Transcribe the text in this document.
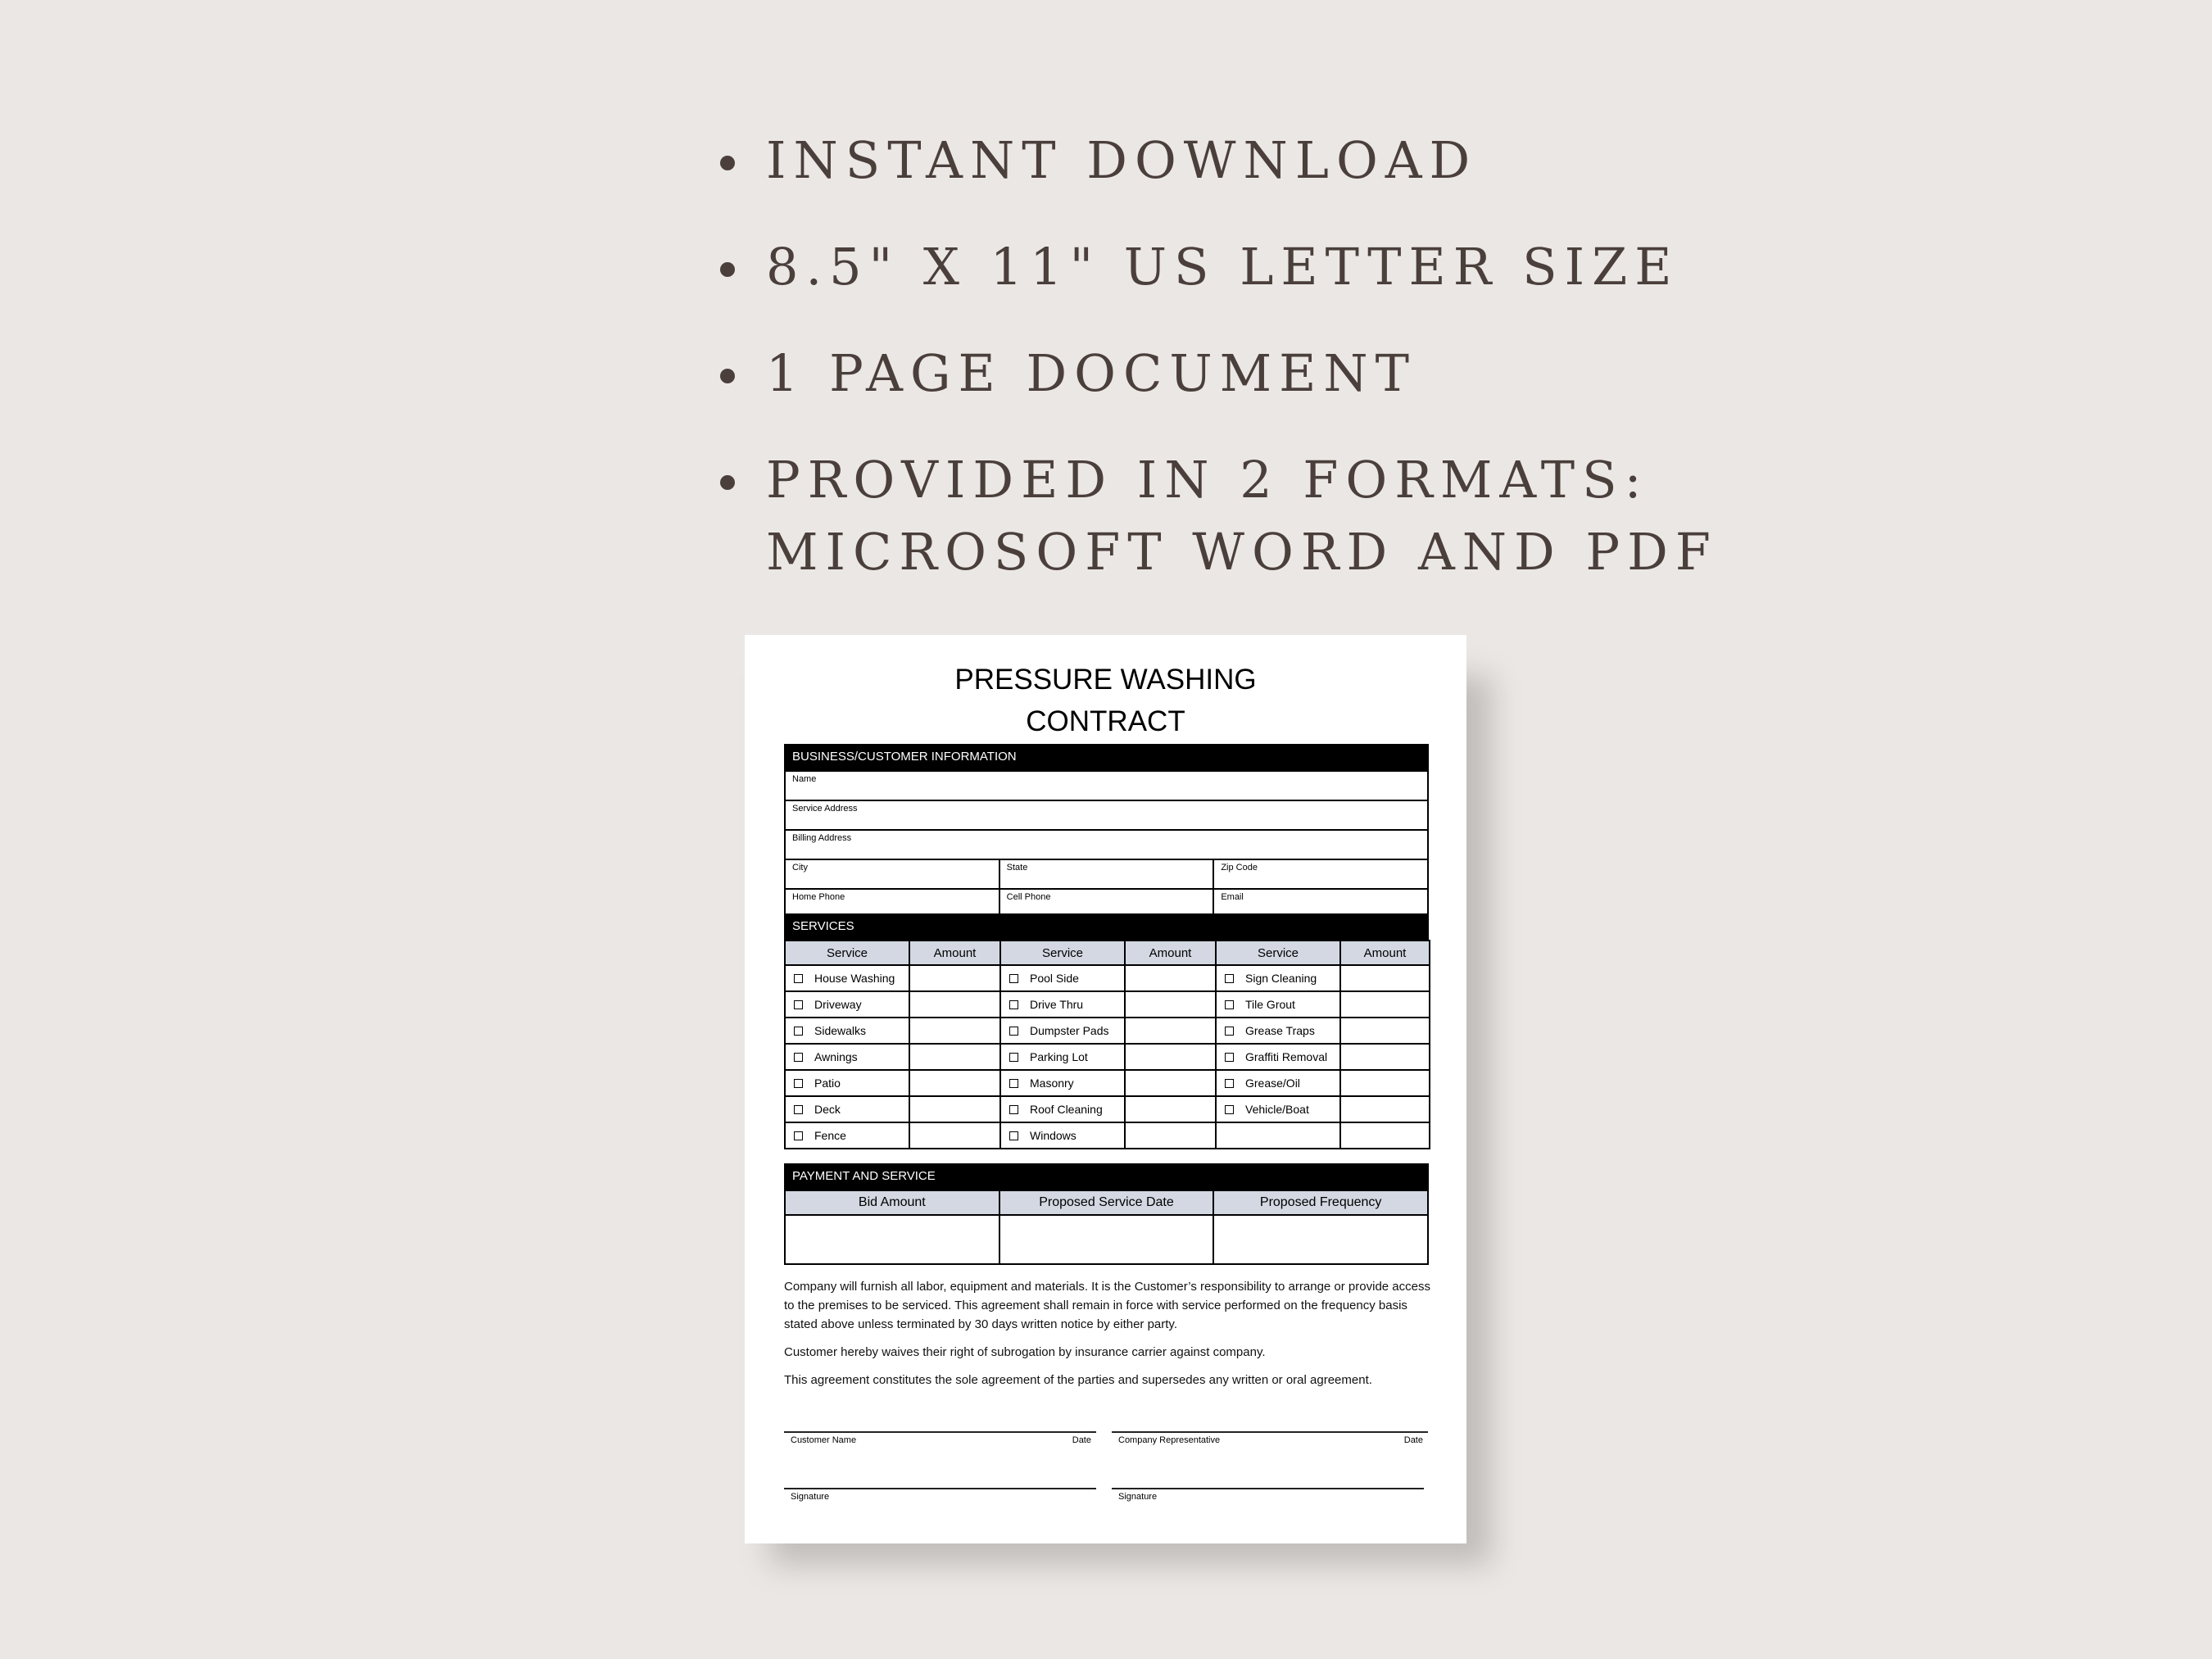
INSTANT DOWNLOAD
8.5" X 11" US LETTER SIZE
1 PAGE DOCUMENT
PROVIDED IN 2 FORMATS:
MICROSOFT WORD AND PDF
PRESSURE WASHING
CONTRACT
BUSINESS/CUSTOMER INFORMATION
Name		
Service Address		
Billing Address		
City	State	Zip Code
Home Phone	Cell Phone	Email
SERVICES
Service	Amount	Service	Amount	Service	Amount
House Washing		Pool Side		Sign Cleaning	
Driveway		Drive Thru		Tile Grout	
Sidewalks		Dumpster Pads		Grease Traps	
Awnings		Parking Lot		Graffiti Removal	
Patio		Masonry		Grease/Oil	
Deck		Roof Cleaning		Vehicle/Boat	
Fence		Windows			
PAYMENT AND SERVICE
Bid Amount	Proposed Service Date	Proposed Frequency

Company will furnish all labor, equipment and materials. It is the Customer’s responsibility to arrange or provide access to the premises to be serviced. This agreement shall remain in force with service performed on the frequency basis stated above unless terminated by 30 days written notice by either party.

Customer hereby waives their right of subrogation by insurance carrier against company.

This agreement constitutes the sole agreement of the parties and supersedes any written or oral agreement.

Customer Name	Date	Company Representative	Date
Signature	Signature
